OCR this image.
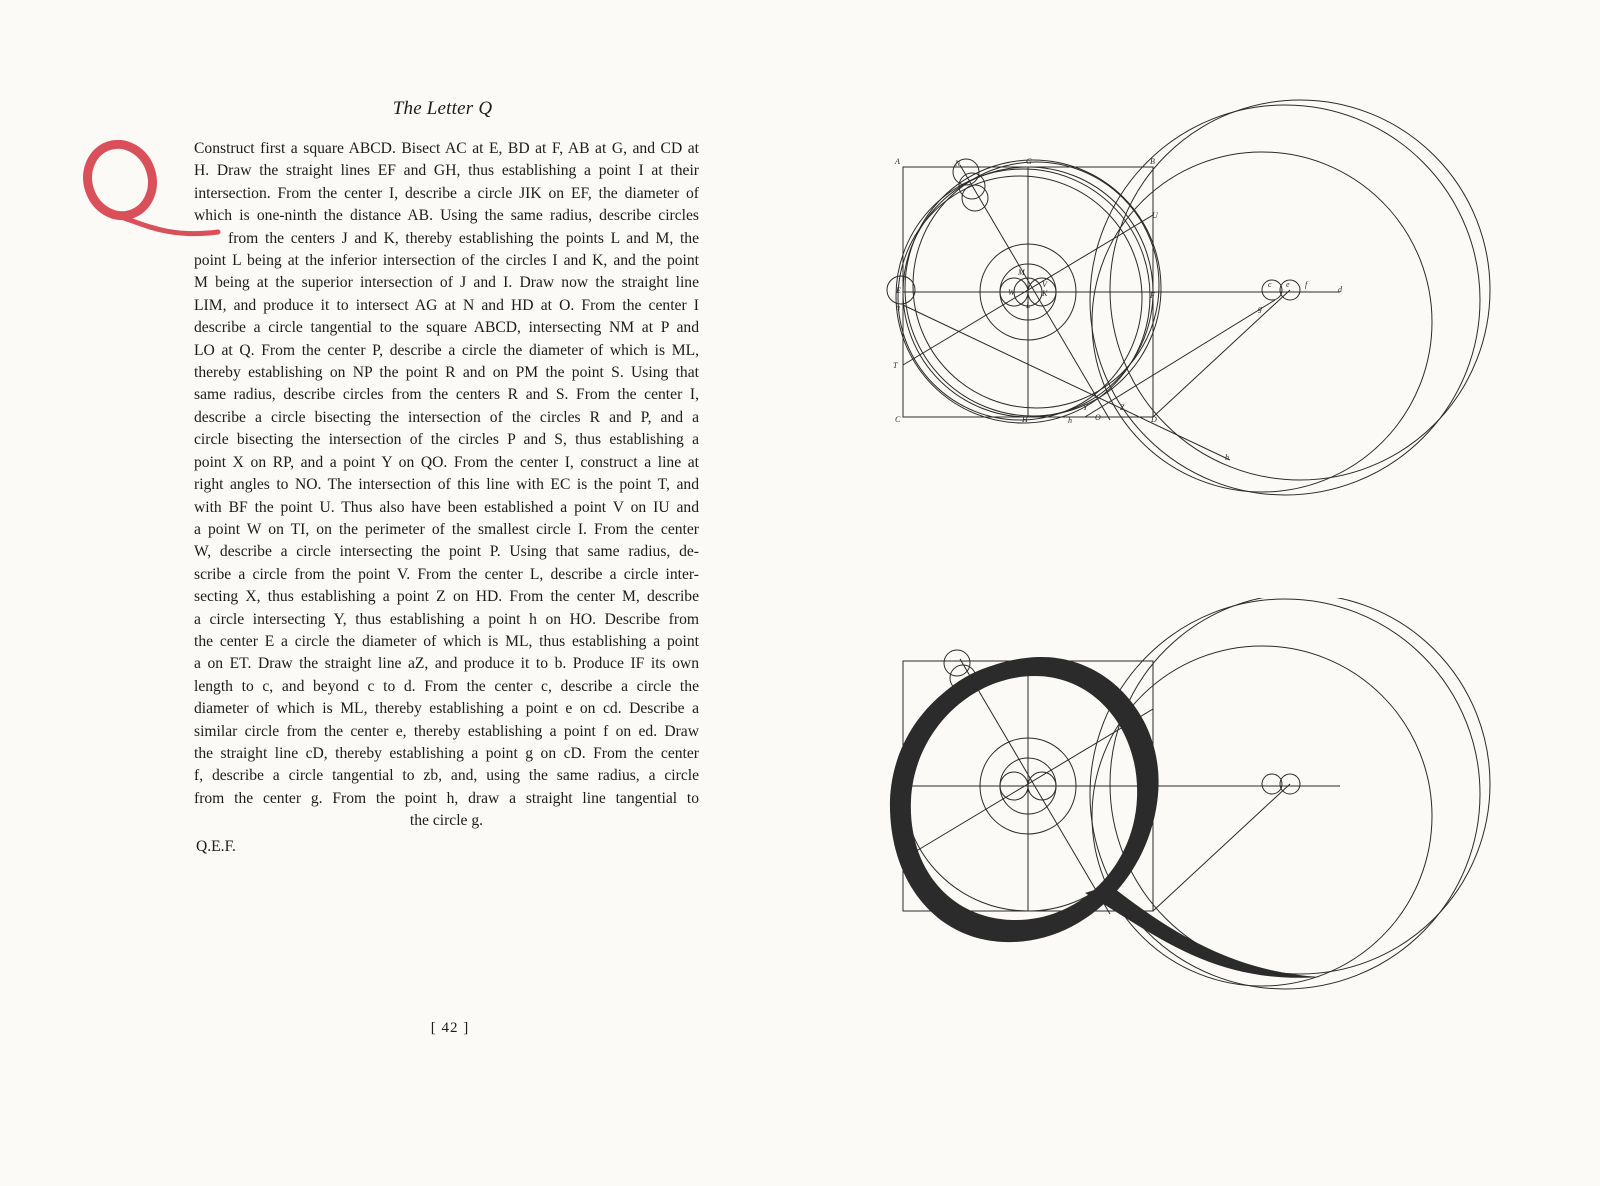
The Letter Q
Q
Construct first a square ABCD. Bisect AC at E, BD at F, AB at G, and CD at
H. Draw the straight lines EF and GH, thus establishing a point I at their
intersection. From the center I, describe a circle JIK on EF, the diameter of
which is one-ninth the distance AB. Using the same radius, describe circles
from the centers J and K, thereby establishing the points L and M, the
point L being at the inferior intersection of the circles I and K, and the point
M being at the superior intersection of J and I. Draw now the straight line
LIM, and produce it to intersect AG at N and HD at O. From the center I
describe a circle tangential to the square ABCD, intersecting NM at P and
LO at Q. From the center P, describe a circle the diameter of which is ML,
thereby establishing on NP the point R and on PM the point S. Using that
same radius, describe circles from the centers R and S. From the center I,
describe a circle bisecting the intersection of the circles R and P, and a
circle bisecting the intersection of the circles P and S, thus establishing a
point X on RP, and a point Y on QO. From the center I, construct a line at
right angles to NO. The intersection of this line with EC is the point T, and
with BF the point U. Thus also have been established a point V on IU and
a point W on TI, on the perimeter of the smallest circle I. From the center
W, describe a circle intersecting the point P. Using that same radius, de-
scribe a circle from the point V. From the center L, describe a circle inter-
secting X, thus establishing a point Z on HD. From the center M, describe
a circle intersecting Y, thus establishing a point h on HO. Describe from
the center E a circle the diameter of which is ML, thus establishing a point
a on ET. Draw the straight line aZ, and produce it to b. Produce IF its own
length to c, and beyond c to d. From the center c, describe a circle the
diameter of which is ML, thereby establishing a point e on cd. Describe a
similar circle from the center e, thereby establishing a point f on ed. Draw
the straight line cD, thereby establishing a point g on cD. From the center
f, describe a circle tangential to zb, and, using the same radius, a circle
from the center g. From the point h, draw a straight line tangential to
the circle g.
Q.E.F.
[ 42 ]
A	B
C	D
E
F
G
H
N
U
T
O
Z
Y
M
L
W
V
K
a
b
c
d
e f
g
h
